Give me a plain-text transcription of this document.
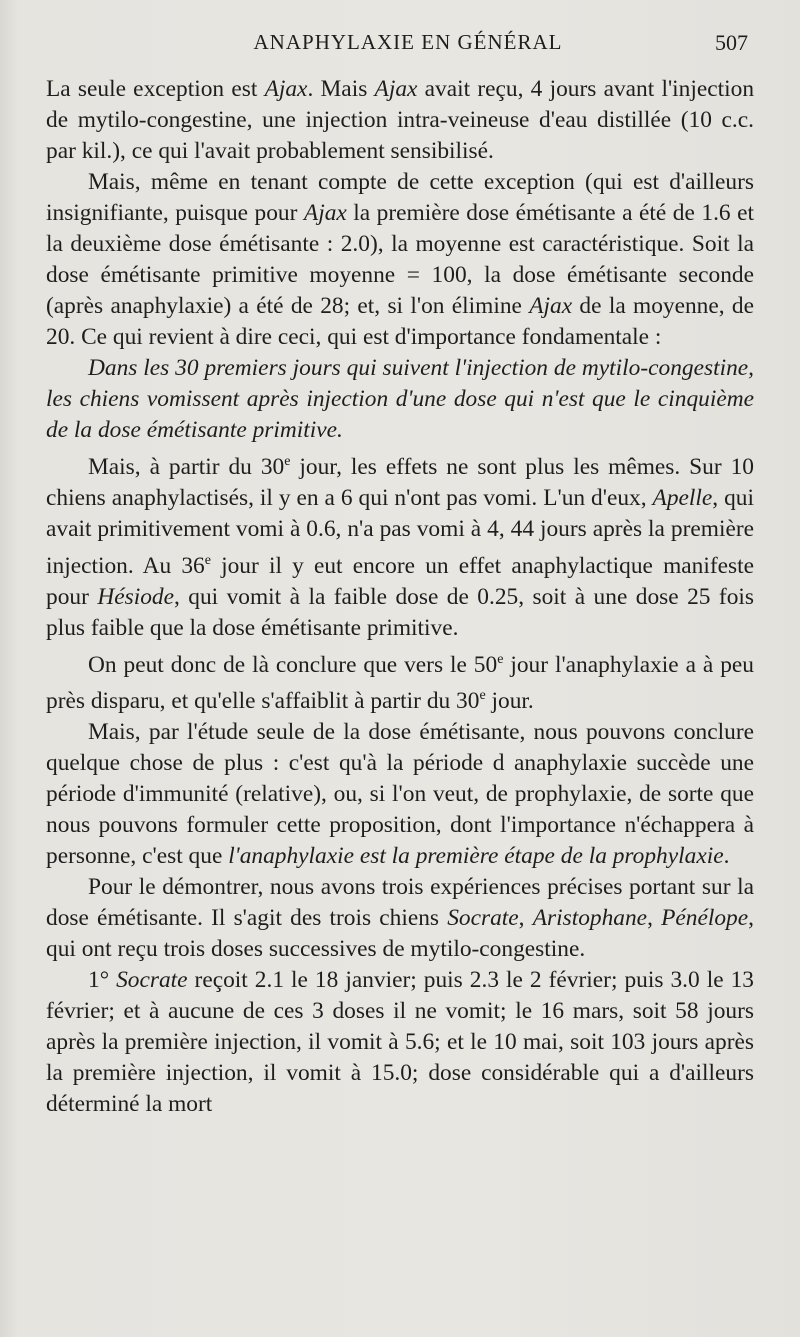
ANAPHYLAXIE EN GÉNÉRAL	507

La seule exception est Ajax. Mais Ajax avait reçu, 4 jours avant l'injection de mytilo-congestine, une injection intra-veineuse d'eau distillée (10 c.c. par kil.), ce qui l'avait probablement sensibilisé.

Mais, même en tenant compte de cette exception (qui est d'ailleurs insignifiante, puisque pour Ajax la première dose émétisante a été de 1.6 et la deuxième dose émétisante : 2.0), la moyenne est caractéristique. Soit la dose émétisante primitive moyenne = 100, la dose émétisante seconde (après anaphylaxie) a été de 28; et, si l'on élimine Ajax de la moyenne, de 20. Ce qui revient à dire ceci, qui est d'importance fondamentale :

Dans les 30 premiers jours qui suivent l'injection de mytilo-congestine, les chiens vomissent après injection d'une dose qui n'est que le cinquième de la dose émétisante primitive.

Mais, à partir du 30e jour, les effets ne sont plus les mêmes. Sur 10 chiens anaphylactisés, il y en a 6 qui n'ont pas vomi. L'un d'eux, Apelle, qui avait primitivement vomi à 0.6, n'a pas vomi à 4, 44 jours après la première injection. Au 36e jour il y eut encore un effet anaphylactique manifeste pour Hésiode, qui vomit à la faible dose de 0.25, soit à une dose 25 fois plus faible que la dose émétisante primitive.

On peut donc de là conclure que vers le 50e jour l'anaphylaxie a à peu près disparu, et qu'elle s'affaiblit à partir du 30e jour.

Mais, par l'étude seule de la dose émétisante, nous pouvons conclure quelque chose de plus : c'est qu'à la période d anaphylaxie succède une période d'immunité (relative), ou, si l'on veut, de prophylaxie, de sorte que nous pouvons formuler cette proposition, dont l'importance n'échappera à personne, c'est que l'anaphylaxie est la première étape de la prophylaxie.

Pour le démontrer, nous avons trois expériences précises portant sur la dose émétisante. Il s'agit des trois chiens Socrate, Aristophane, Pénélope, qui ont reçu trois doses successives de mytilo-congestine.

1° Socrate reçoit 2.1 le 18 janvier; puis 2.3 le 2 février; puis 3.0 le 13 février; et à aucune de ces 3 doses il ne vomit; le 16 mars, soit 58 jours après la première injection, il vomit à 5.6; et le 10 mai, soit 103 jours après la première injection, il vomit à 15.0; dose considérable qui a d'ailleurs déterminé la mort
